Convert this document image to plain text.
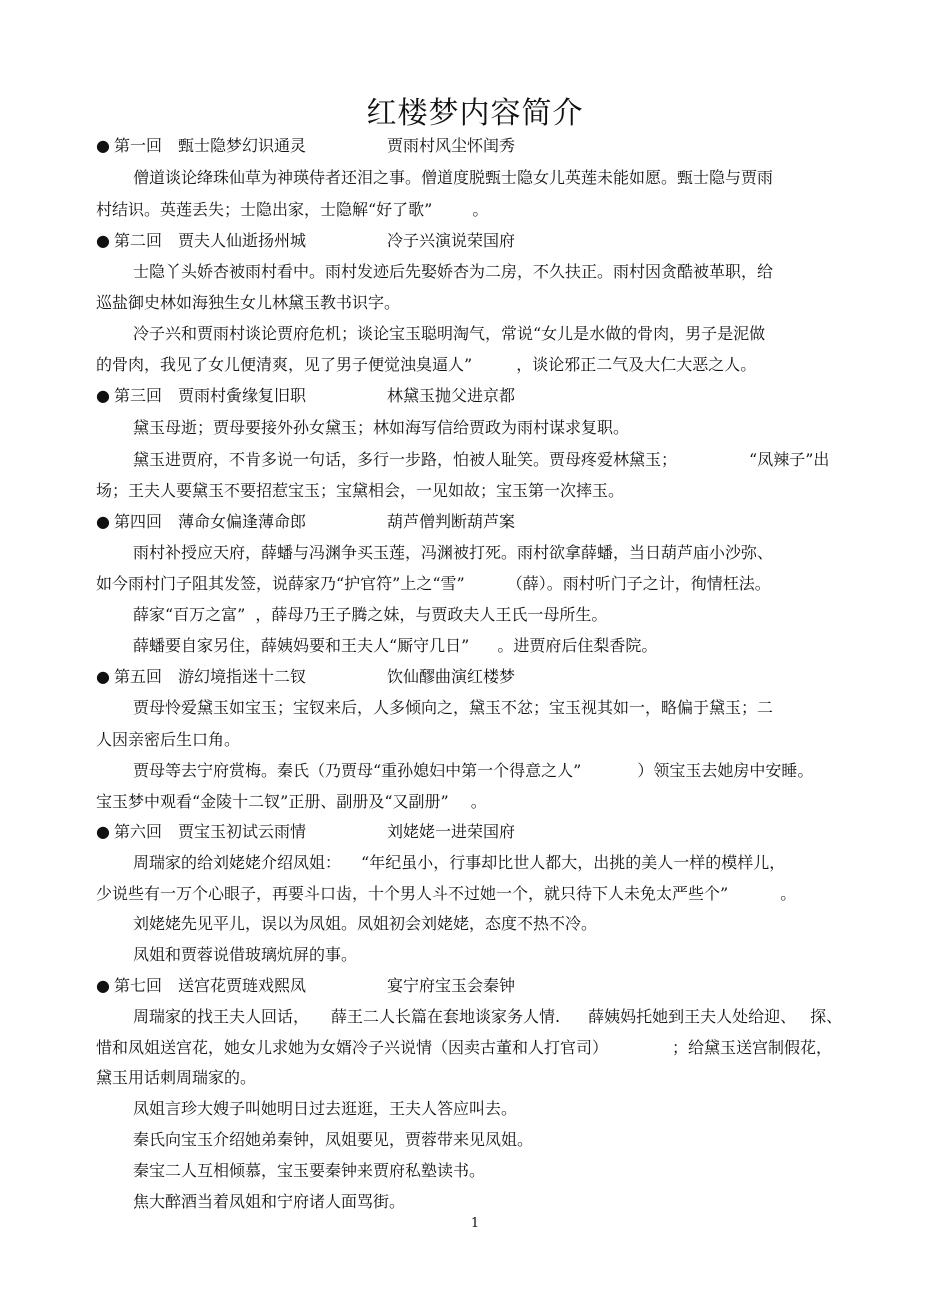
红楼梦内容简介
● 第一回　甄士隐梦幻识通灵	贾雨村风尘怀闺秀
僧道谈论绛珠仙草为神瑛侍者还泪之事。僧道度脱甄士隐女儿英莲未能如愿。甄士隐与贾雨
村结识。英莲丢失；士隐出家，士隐解“好了歌”	。
● 第二回　贾夫人仙逝扬州城	冷子兴演说荣国府
士隐丫头娇杏被雨村看中。雨村发迹后先娶娇杏为二房，不久扶正。雨村因贪酷被革职，给
巡盐御史林如海独生女儿林黛玉教书识字。
冷子兴和贾雨村谈论贾府危机；谈论宝玉聪明淘气，常说“女儿是水做的骨肉，男子是泥做
的骨肉，我见了女儿便清爽，见了男子便觉浊臭逼人”	，谈论邪正二气及大仁大恶之人。
● 第三回　贾雨村夤缘复旧职	林黛玉抛父进京都
黛玉母逝；贾母要接外孙女黛玉；林如海写信给贾政为雨村谋求复职。
黛玉进贾府，不肯多说一句话，多行一步路，怕被人耻笑。贾母疼爱林黛玉；	“凤辣子”出
场；王夫人要黛玉不要招惹宝玉；宝黛相会，一见如故；宝玉第一次摔玉。
● 第四回　薄命女偏逢薄命郎	葫芦僧判断葫芦案
雨村补授应天府，薛蟠与冯渊争买玉莲，冯渊被打死。雨村欲拿薛蟠，当日葫芦庙小沙弥、
如今雨村门子阻其发签，说薛家乃“护官符”上之“雪”	（薛）。雨村听门子之计，徇情枉法。
薛家“百万之富” ，薛母乃王子腾之妹，与贾政夫人王氏一母所生。
薛蟠要自家另住，薛姨妈要和王夫人“厮守几日” 。进贾府后住梨香院。
● 第五回　游幻境指迷十二钗	饮仙醪曲演红楼梦
贾母怜爱黛玉如宝玉；宝钗来后，人多倾向之，黛玉不忿；宝玉视其如一，略偏于黛玉；二
人因亲密后生口角。
贾母等去宁府赏梅。秦氏（乃贾母“重孙媳妇中第一个得意之人”	）领宝玉去她房中安睡。
宝玉梦中观看“金陵十二钗”正册、副册及“又副册” 。
● 第六回　贾宝玉初试云雨情	刘姥姥一进荣国府
周瑞家的给刘姥姥介绍凤姐： “年纪虽小，行事却比世人都大，出挑的美人一样的模样儿，
少说些有一万个心眼子，再要斗口齿，十个男人斗不过她一个，就只待下人未免太严些个”	。
刘姥姥先见平儿，误以为凤姐。凤姐初会刘姥姥，态度不热不冷。
凤姐和贾蓉说借玻璃炕屏的事。
● 第七回　送宫花贾琏戏熙凤	宴宁府宝玉会秦钟
周瑞家的找王夫人回话， 薛王二人长篇在套地谈家务人情. 薛姨妈托她到王夫人处给迎、 探、
惜和凤姐送宫花，她女儿求她为女婿冷子兴说情（因卖古董和人打官司）	；给黛玉送宫制假花，
黛玉用话刺周瑞家的。
凤姐言珍大嫂子叫她明日过去逛逛，王夫人答应叫去。
秦氏向宝玉介绍她弟秦钟，凤姐要见，贾蓉带来见凤姐。
秦宝二人互相倾慕，宝玉要秦钟来贾府私塾读书。
焦大醉酒当着凤姐和宁府诸人面骂街。
1
